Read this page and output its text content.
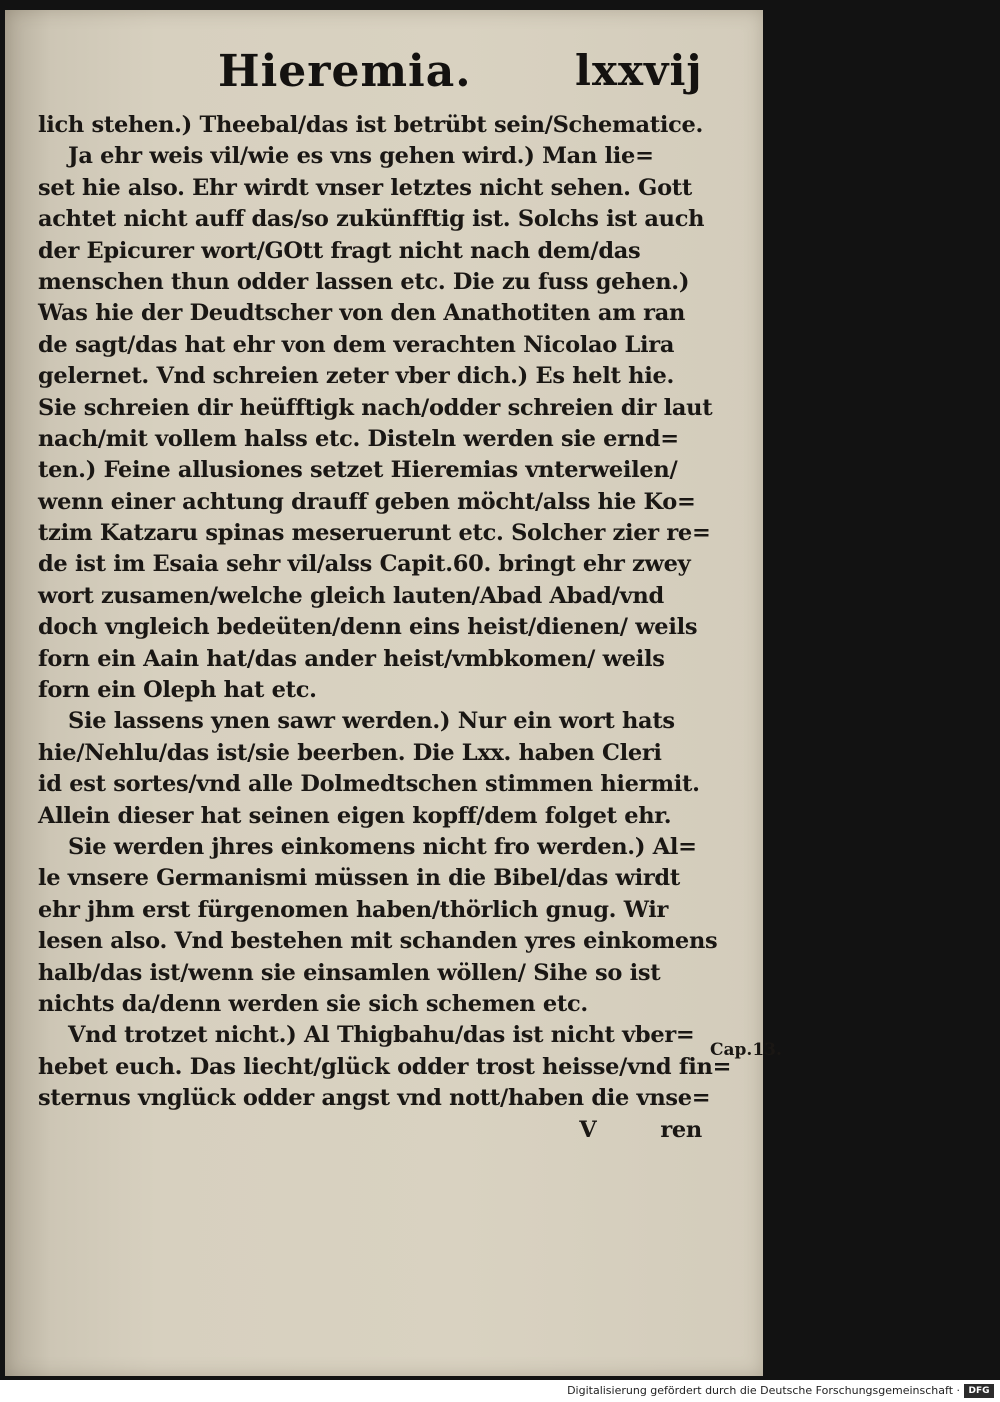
Hieremia. lxxvij
lich stehen.) Theebal/das ist betrübt sein/Schematice.
Ja ehr weis vil/wie es vns gehen wird.) Man lie=
set hie also. Ehr wirdt vnser letztes nicht sehen. Gott
achtet nicht auff das/so zukünfftig ist. Solchs ist auch
der Epicurer wort/GOtt fragt nicht nach dem/das
menschen thun odder lassen etc. Die zu fuss gehen.)
Was hie der Deudtscher von den Anathotiten am ran
de sagt/das hat ehr von dem verachten Nicolao Lira
gelernet. Vnd schreien zeter vber dich.) Es helt hie.
Sie schreien dir heüfftigk nach/odder schreien dir laut
nach/mit vollem halss etc. Disteln werden sie ernd=
ten.) Feine allusiones setzet Hieremias vnterweilen/
wenn einer achtung drauff geben möcht/alss hie Ko=
tzim Katzaru spinas meseruerunt etc. Solcher zier re=
de ist im Esaia sehr vil/alss Capit.60. bringt ehr zwey
wort zusamen/welche gleich lauten/Abad Abad/vnd
doch vngleich bedeüten/denn eins heist/dienen/ weils
forn ein Aain hat/das ander heist/vmbkomen/ weils
forn ein Oleph hat etc.
Sie lassens ynen sawr werden.) Nur ein wort hats
hie/Nehlu/das ist/sie beerben. Die Lxx. haben Cleri
id est sortes/vnd alle Dolmedtschen stimmen hiermit.
Allein dieser hat seinen eigen kopff/dem folget ehr.
Sie werden jhres einkomens nicht fro werden.) Al=
le vnsere Germanismi müssen in die Bibel/das wirdt
ehr jhm erst fürgenomen haben/thörlich gnug. Wir
lesen also. Vnd bestehen mit schanden yres einkomens
halb/das ist/wenn sie einsamlen wöllen/ Sihe so ist
nichts da/denn werden sie sich schemen etc.
Vnd trotzet nicht.) Al Thigbahu/das ist nicht vber=
hebet euch. Das liecht/glück odder trost heisse/vnd fin=
sternus vnglück odder angst vnd nott/haben die vnse=
V	ren
Cap.13.
Digitalisierung gefördert durch die Deutsche Forschungsgemeinschaft · DFG
